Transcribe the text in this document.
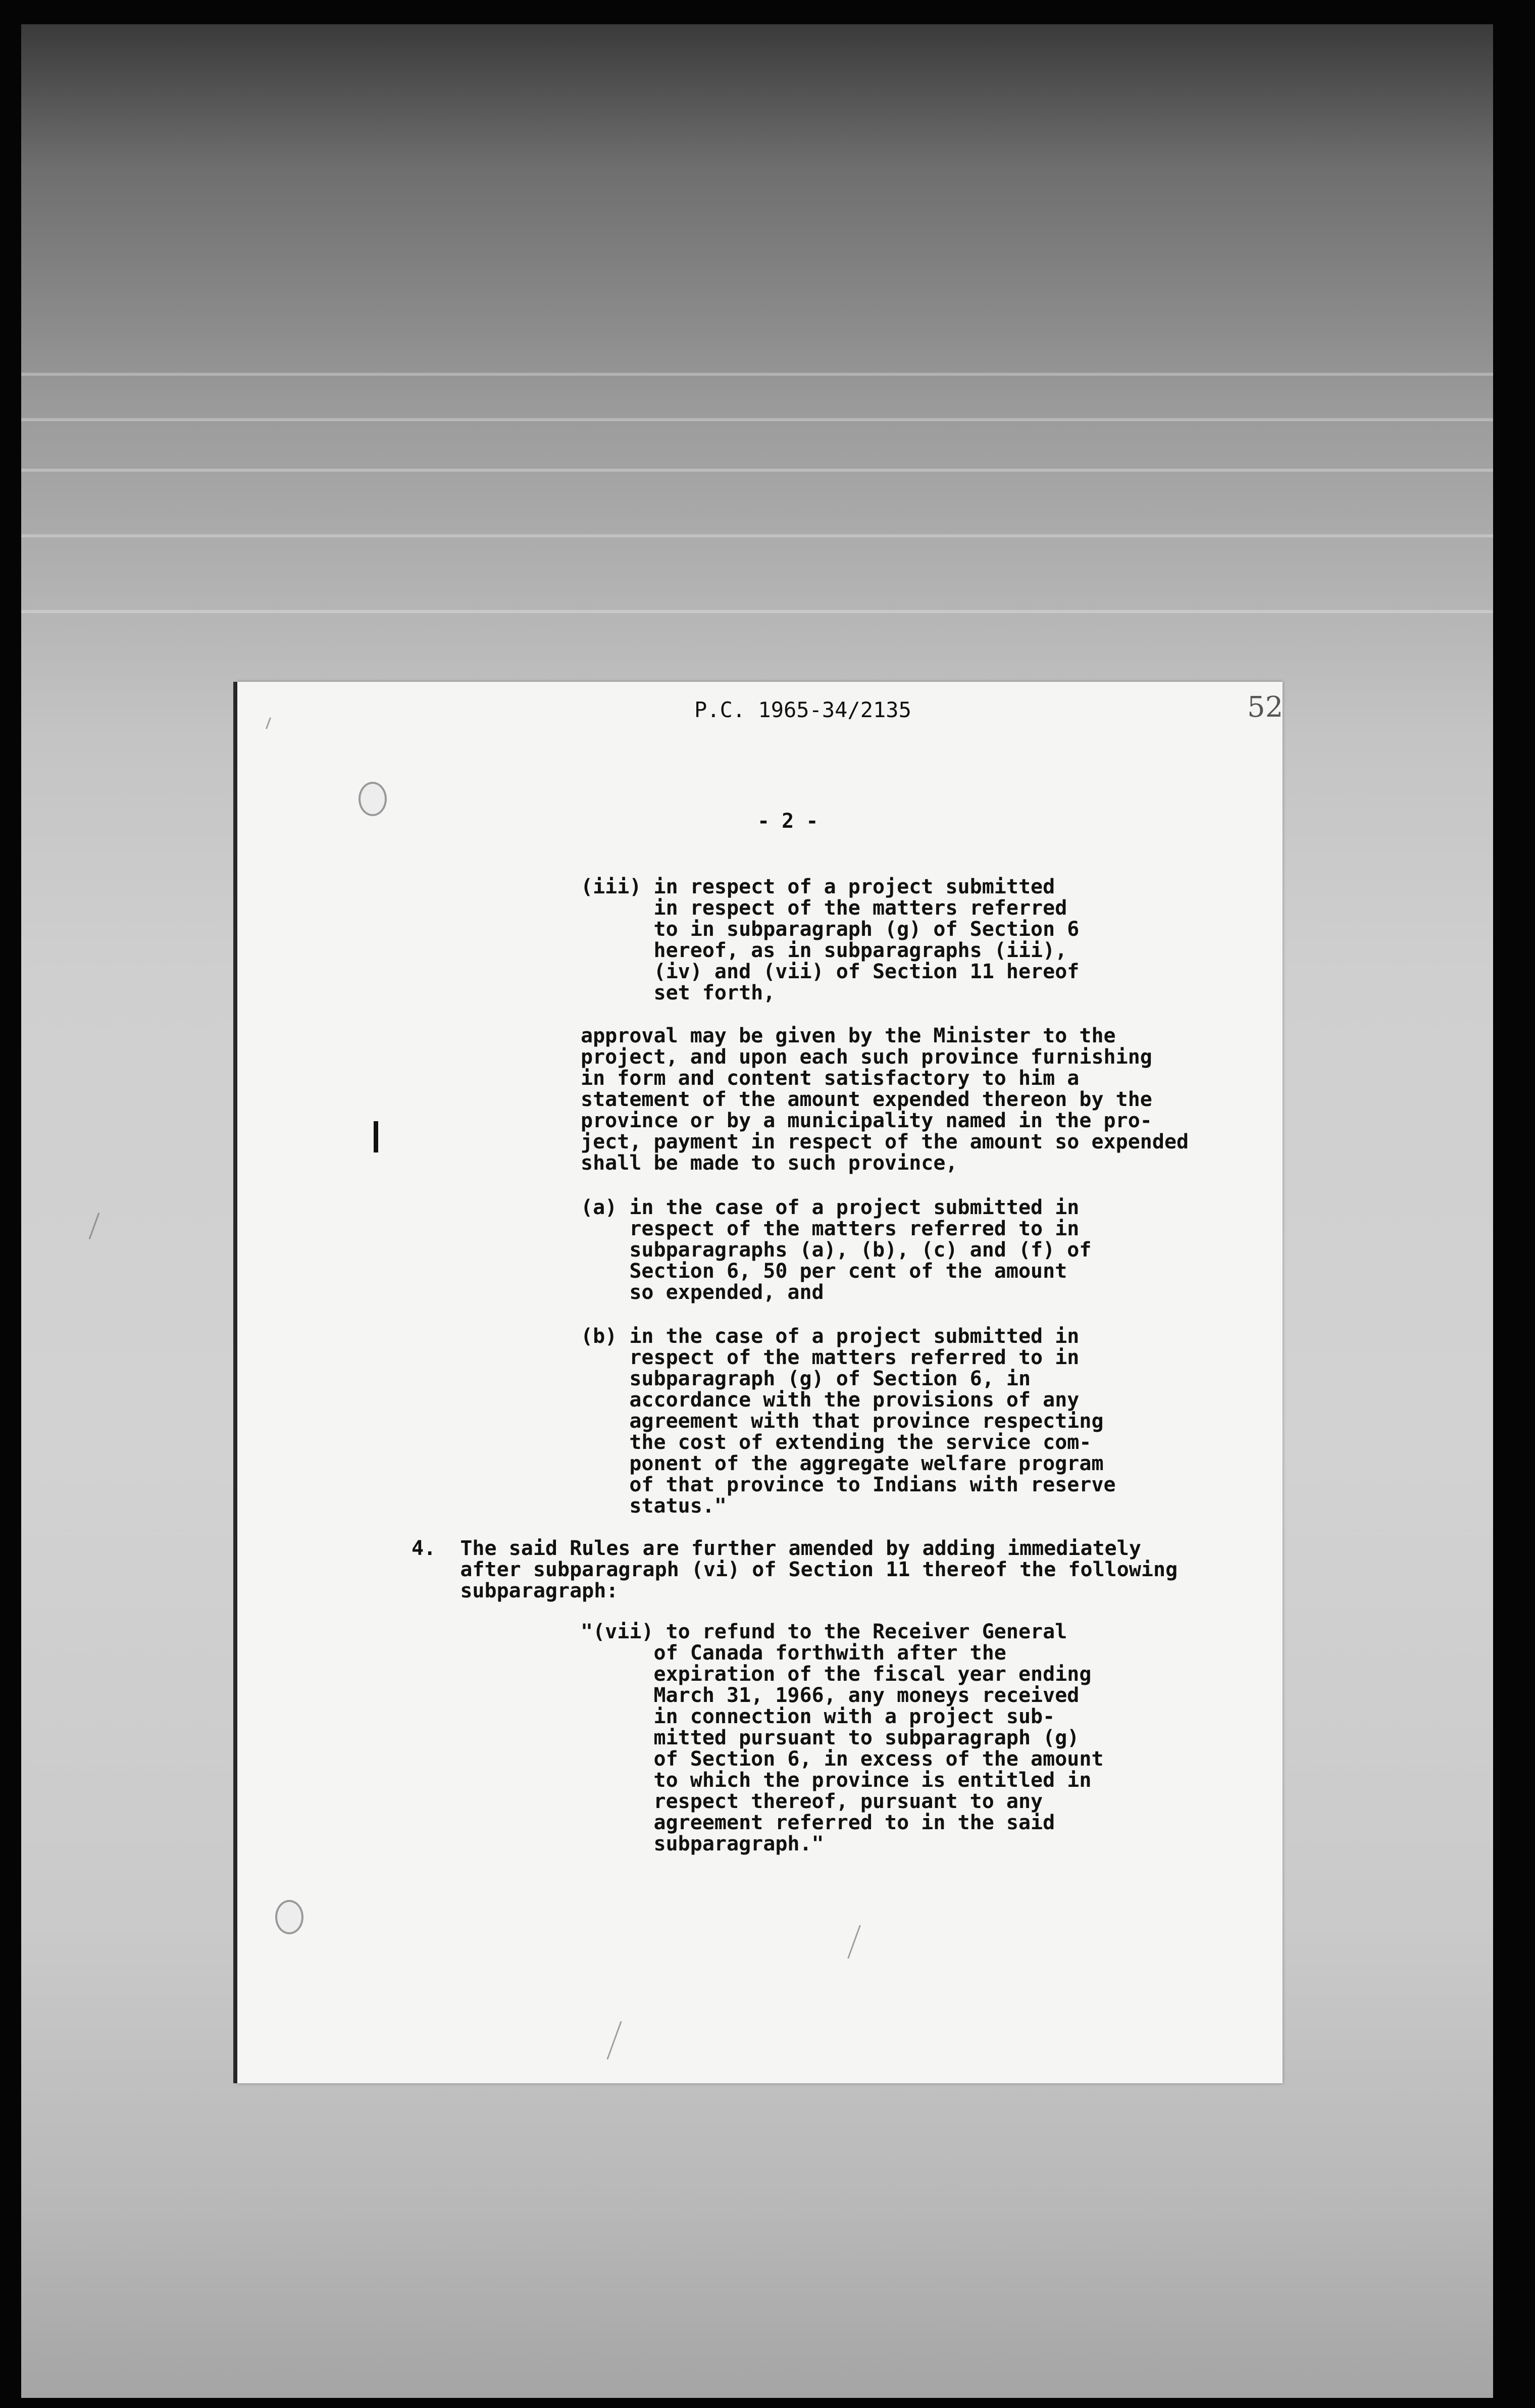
P.C. 1965-34/2135	52
- 2 -
(iii) in respect of a project submitted
in respect of the matters referred
to in subparagraph (g) of Section 6
hereof, as in subparagraphs (iii),
(iv) and (vii) of Section 11 hereof
set forth,
approval may be given by the Minister to the
project, and upon each such province furnishing
in form and content satisfactory to him a
statement of the amount expended thereon by the
province or by a municipality named in the pro-
ject, payment in respect of the amount so expended
shall be made to such province,
(a) in the case of a project submitted in
respect of the matters referred to in
subparagraphs (a), (b), (c) and (f) of
Section 6, 50 per cent of the amount
so expended, and
(b) in the case of a project submitted in
respect of the matters referred to in
subparagraph (g) of Section 6, in
accordance with the provisions of any
agreement with that province respecting
the cost of extending the service com-
ponent of the aggregate welfare program
of that province to Indians with reserve
status."
4.  The said Rules are further amended by adding immediately
after subparagraph (vi) of Section 11 thereof the following
subparagraph:
"(vii) to refund to the Receiver General
of Canada forthwith after the
expiration of the fiscal year ending
March 31, 1966, any moneys received
in connection with a project sub-
mitted pursuant to subparagraph (g)
of Section 6, in excess of the amount
to which the province is entitled in
respect thereof, pursuant to any
agreement referred to in the said
subparagraph."
